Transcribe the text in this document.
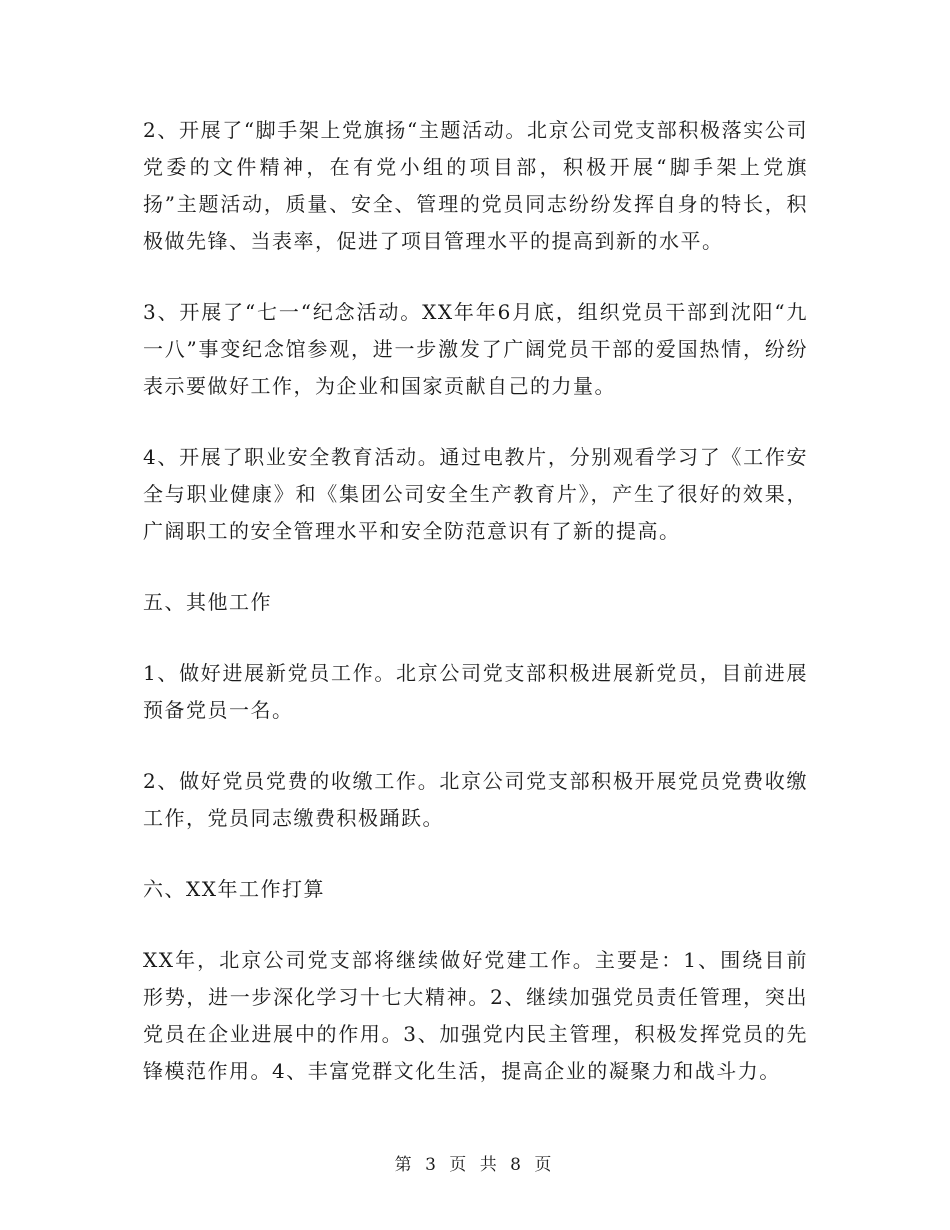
2、开展了“脚手架上党旗扬“主题活动。北京公司党支部积极落实公司党委的文件精神，在有党小组的项目部，积极开展“脚手架上党旗扬”主题活动，质量、安全、管理的党员同志纷纷发挥自身的特长，积极做先锋、当表率，促进了项目管理水平的提高到新的水平。

3、开展了“七一“纪念活动。XX年年6月底，组织党员干部到沈阳“九一八”事变纪念馆参观，进一步激发了广阔党员干部的爱国热情，纷纷表示要做好工作，为企业和国家贡献自己的力量。

4、开展了职业安全教育活动。通过电教片，分别观看学习了《工作安全与职业健康》和《集团公司安全生产教育片》，产生了很好的效果，广阔职工的安全管理水平和安全防范意识有了新的提高。

五、其他工作

1、做好进展新党员工作。北京公司党支部积极进展新党员，目前进展预备党员一名。

2、做好党员党费的收缴工作。北京公司党支部积极开展党员党费收缴工作，党员同志缴费积极踊跃。

六、XX年工作打算

XX年，北京公司党支部将继续做好党建工作。主要是：1、围绕目前形势，进一步深化学习十七大精神。2、继续加强党员责任管理，突出党员在企业进展中的作用。3、加强党内民主管理，积极发挥党员的先锋模范作用。4、丰富党群文化生活，提高企业的凝聚力和战斗力。

第 3 页 共 8 页
